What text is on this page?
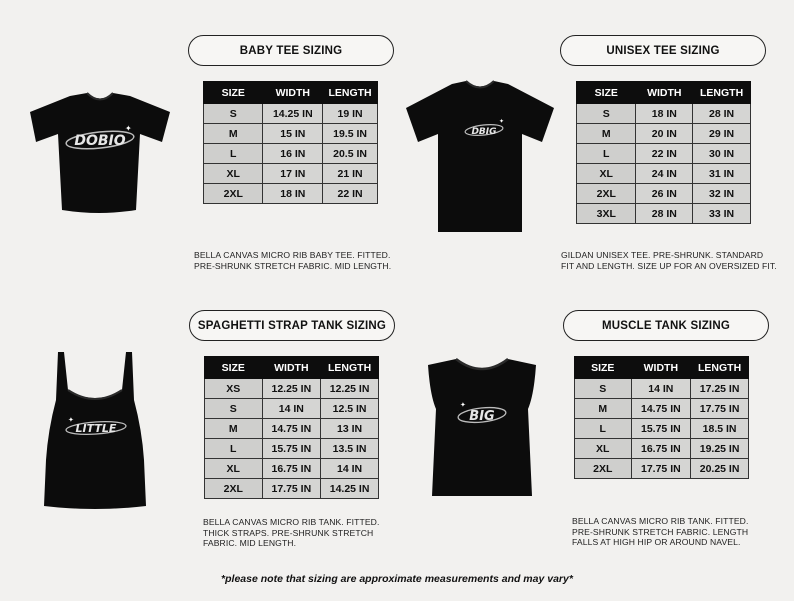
BABY TEE SIZING
DOBIO
✦
SIZE	WIDTH	LENGTH
S	14.25 IN	19 IN
M	15 IN	19.5 IN
L	16 IN	20.5 IN
XL	17 IN	21 IN
2XL	18 IN	22 IN
BELLA CANVAS MICRO RIB BABY TEE. FITTED.
PRE-SHRUNK STRETCH FABRIC. MID LENGTH.
UNISEX TEE SIZING
DBIG
✦
SIZE	WIDTH	LENGTH
S	18 IN	28 IN
M	20 IN	29 IN
L	22 IN	30 IN
XL	24 IN	31 IN
2XL	26 IN	32 IN
3XL	28 IN	33 IN
GILDAN UNISEX TEE. PRE-SHRUNK. STANDARD
FIT AND LENGTH. SIZE UP FOR AN OVERSIZED FIT.
SPAGHETTI STRAP TANK SIZING
LITTLE
✦
SIZE	WIDTH	LENGTH
XS	12.25 IN	12.25 IN
S	14 IN	12.5 IN
M	14.75 IN	13 IN
L	15.75 IN	13.5 IN
XL	16.75 IN	14 IN
2XL	17.75 IN	14.25 IN
BELLA CANVAS MICRO RIB TANK. FITTED.
THICK STRAPS. PRE-SHRUNK STRETCH
FABRIC. MID LENGTH.
MUSCLE TANK SIZING
BIG
✦
SIZE	WIDTH	LENGTH
S	14 IN	17.25 IN
M	14.75 IN	17.75 IN
L	15.75 IN	18.5 IN
XL	16.75 IN	19.25 IN
2XL	17.75 IN	20.25 IN
BELLA CANVAS MICRO RIB TANK. FITTED.
PRE-SHRUNK STRETCH FABRIC. LENGTH
FALLS AT HIGH HIP OR AROUND NAVEL.
*please note that sizing are approximate measurements and may vary*
